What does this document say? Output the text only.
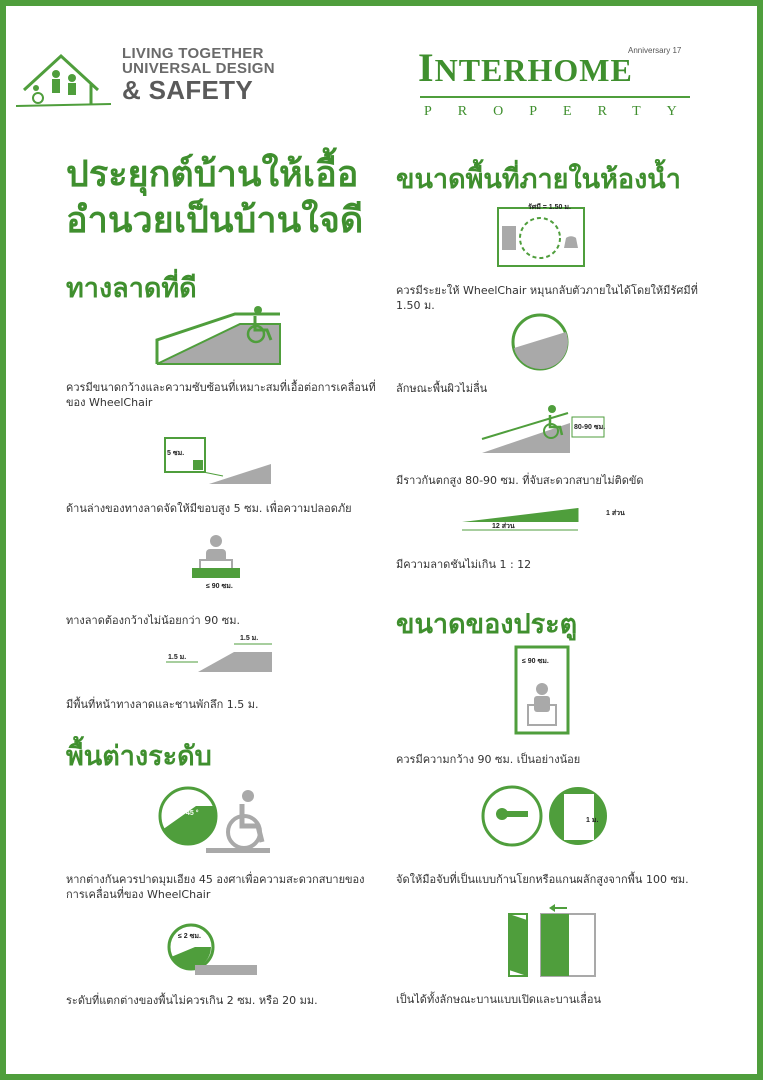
LIVING TOGETHER
UNIVERSAL DESIGN
& SAFETY	INTERHOME
Anniversary 17
PROPERTY
ประยุกต์บ้านให้เอื้อ
อำนวยเป็นบ้านใจดี
ทางลาดที่ดี
ควรมีขนาดกว้างและความซับซ้อนที่เหมาะสมที่เอื้อต่อการเคลื่อนที่ของ WheelChair
5 ซม.
ด้านล่างของทางลาดจัดให้มีขอบสูง 5 ซม. เพื่อความปลอดภัย
≤ 90 ซม.
ทางลาดต้องกว้างไม่น้อยกว่า 90 ซม.
1.5 ม.
1.5 ม.
มีพื้นที่หน้าทางลาดและชานพักลึก 1.5 ม.
พื้นต่างระดับ
45 °
หากต่างกันควรปาดมุมเอียง 45 องศาเพื่อความสะดวกสบายของการเคลื่อนที่ของ WheelChair
≤ 2 ซม.
ระดับที่แตกต่างของพื้นไม่ควรเกิน 2 ซม. หรือ 20 มม.
ขนาดพื้นที่ภายในห้องน้ำ
รัศมี = 1.50 ม.
ควรมีระยะให้ WheelChair หมุนกลับตัวภายในได้โดยให้มีรัศมีที่ 1.50 ม.
ลักษณะพื้นผิวไม่ลื่น
80-90 ซม.
มีราวกันตกสูง 80-90 ซม. ที่จับสะดวกสบายไม่ติดขัด
1 ส่วน
12 ส่วน
มีความลาดชันไม่เกิน 1 : 12
ขนาดของประตู
≤ 90 ซม.
ควรมีความกว้าง 90 ซม. เป็นอย่างน้อย
1 ม.
จัดให้มือจับที่เป็นแบบก้านโยกหรือแกนผลักสูงจากพื้น 100 ซม.
เป็นได้ทั้งลักษณะบานแบบเปิดและบานเลื่อน
